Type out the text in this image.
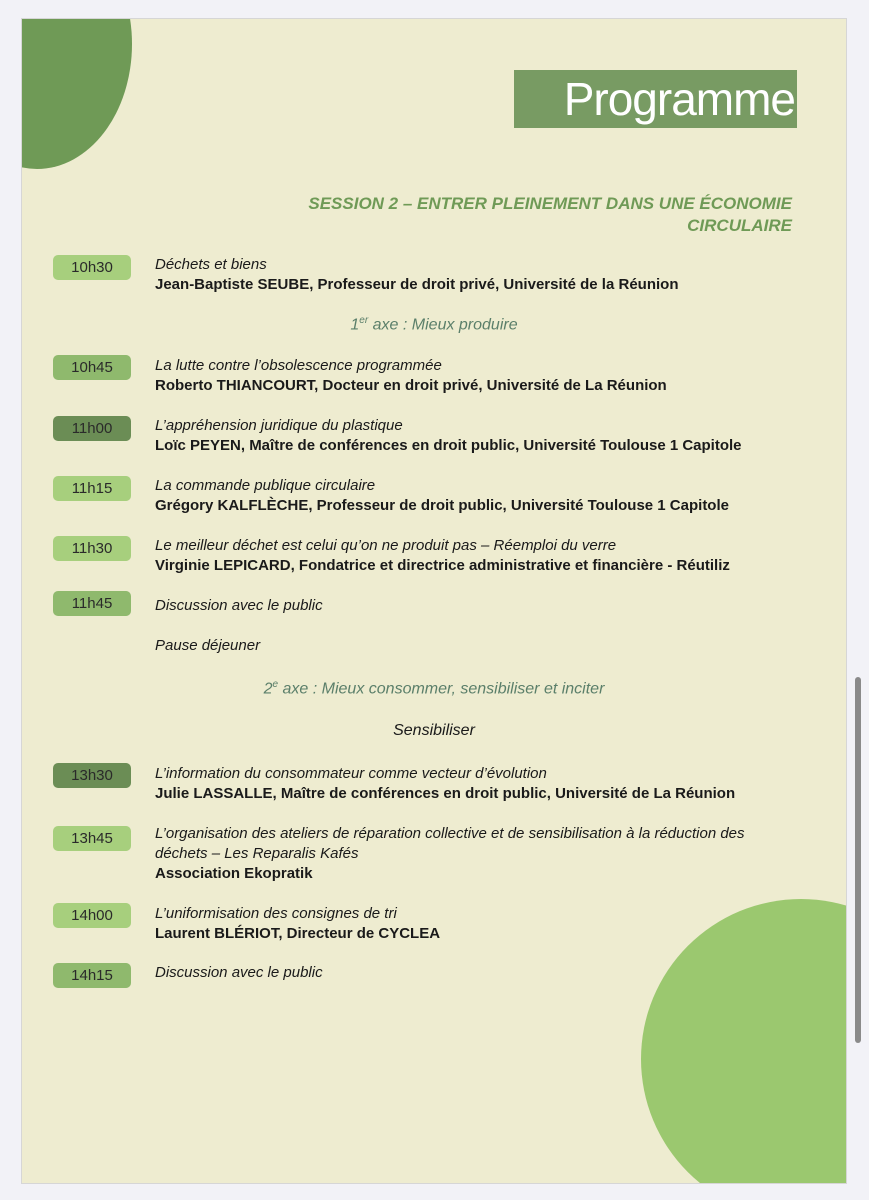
Programme
SESSION 2 – ENTRER PLEINEMENT DANS UNE ÉCONOMIE
CIRCULAIRE
10h30	Déchets et biens
Jean-Baptiste SEUBE, Professeur de droit privé, Université de la Réunion
1er axe : Mieux produire
10h45	La lutte contre l’obsolescence programmée
Roberto THIANCOURT, Docteur en droit privé, Université de La Réunion
11h00	L’appréhension juridique du plastique
Loïc PEYEN, Maître de conférences en droit public, Université Toulouse 1 Capitole
11h15	La commande publique circulaire
Grégory KALFLÈCHE, Professeur de droit public, Université Toulouse 1 Capitole
11h30	Le meilleur déchet est celui qu’on ne produit pas – Réemploi du verre
Virginie LEPICARD, Fondatrice et directrice administrative et financière - Réutiliz
11h45	Discussion avec le public
Pause déjeuner
2e axe : Mieux consommer, sensibiliser et inciter
Sensibiliser
13h30	L’information du consommateur comme vecteur d’évolution
Julie LASSALLE, Maître de conférences en droit public, Université de La Réunion
13h45	L’organisation des ateliers de réparation collective et de sensibilisation à la réduction des déchets – Les Reparalis Kafés
Association Ekopratik
14h00	L’uniformisation des consignes de tri
Laurent BLÉRIOT, Directeur de CYCLEA
14h15	Discussion avec le public
